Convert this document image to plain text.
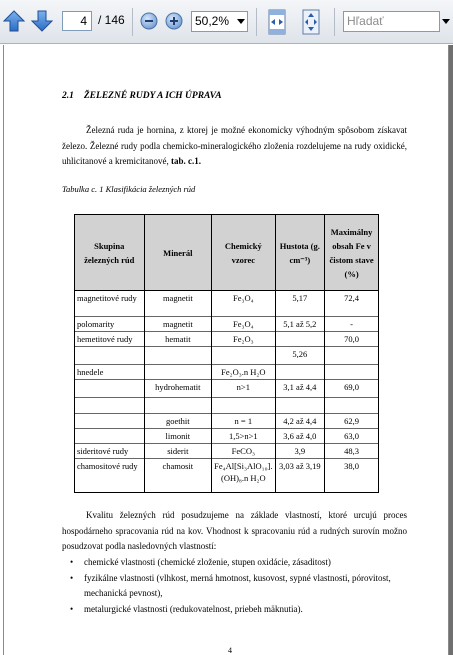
4 / 146	50,2%	Hľadať
2.1 ŽELEZNÉ RUDY A ICH ÚPRAVA
Železná ruda je hornina, z ktorej je možné ekonomicky výhodným spôsobom získavat železo. Železné rudy podla chemicko-mineralogického zloženia rozdelujeme na rudy oxidické, uhlicitanové a kremicitanové, tab. c.1.
Tabulka c. 1 Klasifikácia železných rúd
Skupina železných rúd	Minerál	Chemický vzorec	Hustota (g. cm⁻³)	Maximálny obsah Fe v čistom stave (%)
magnetitové rudy	magnetit	Fe₃O₄	5,17	72,4
polomarity	magnetit	Fe₃O₄	5,1 až 5,2	-
hemetitové rudy	hematit	Fe₂O₃		70,0
			5,26	
hnedele		Fe₂O₃.n H₂O		
	hydrohematit	n>1	3,1 až 4,4	69,0

	goethit	n = 1	4,2 až 4,4	62,9
	limonit	1,5>n>1	3,6 až 4,0	63,0
sideritové rudy	siderit	FeCO₃	3,9	48,3
chamositové rudy	chamosit	Fe₄Al[Si₃AlO₁₀].(OH)₈.n H₂O	3,03 až 3,19	38,0
Kvalitu železných rúd posudzujeme na základe vlastností, ktoré urcujú proces hospodárneho spracovania rúd na kov. Vhodnost k spracovaniu rúd a rudných surovín možno posudzovat podla nasledovných vlastností:
• chemické vlastnosti (chemické zloženie, stupen oxidácie, zásaditost)
• fyzikálne vlastnosti (vlhkost, merná hmotnost, kusovost, sypné vlastnosti, pórovitost, mechanická pevnost),
• metalurgické vlastnosti (redukovatelnost, priebeh mäknutia).
4
